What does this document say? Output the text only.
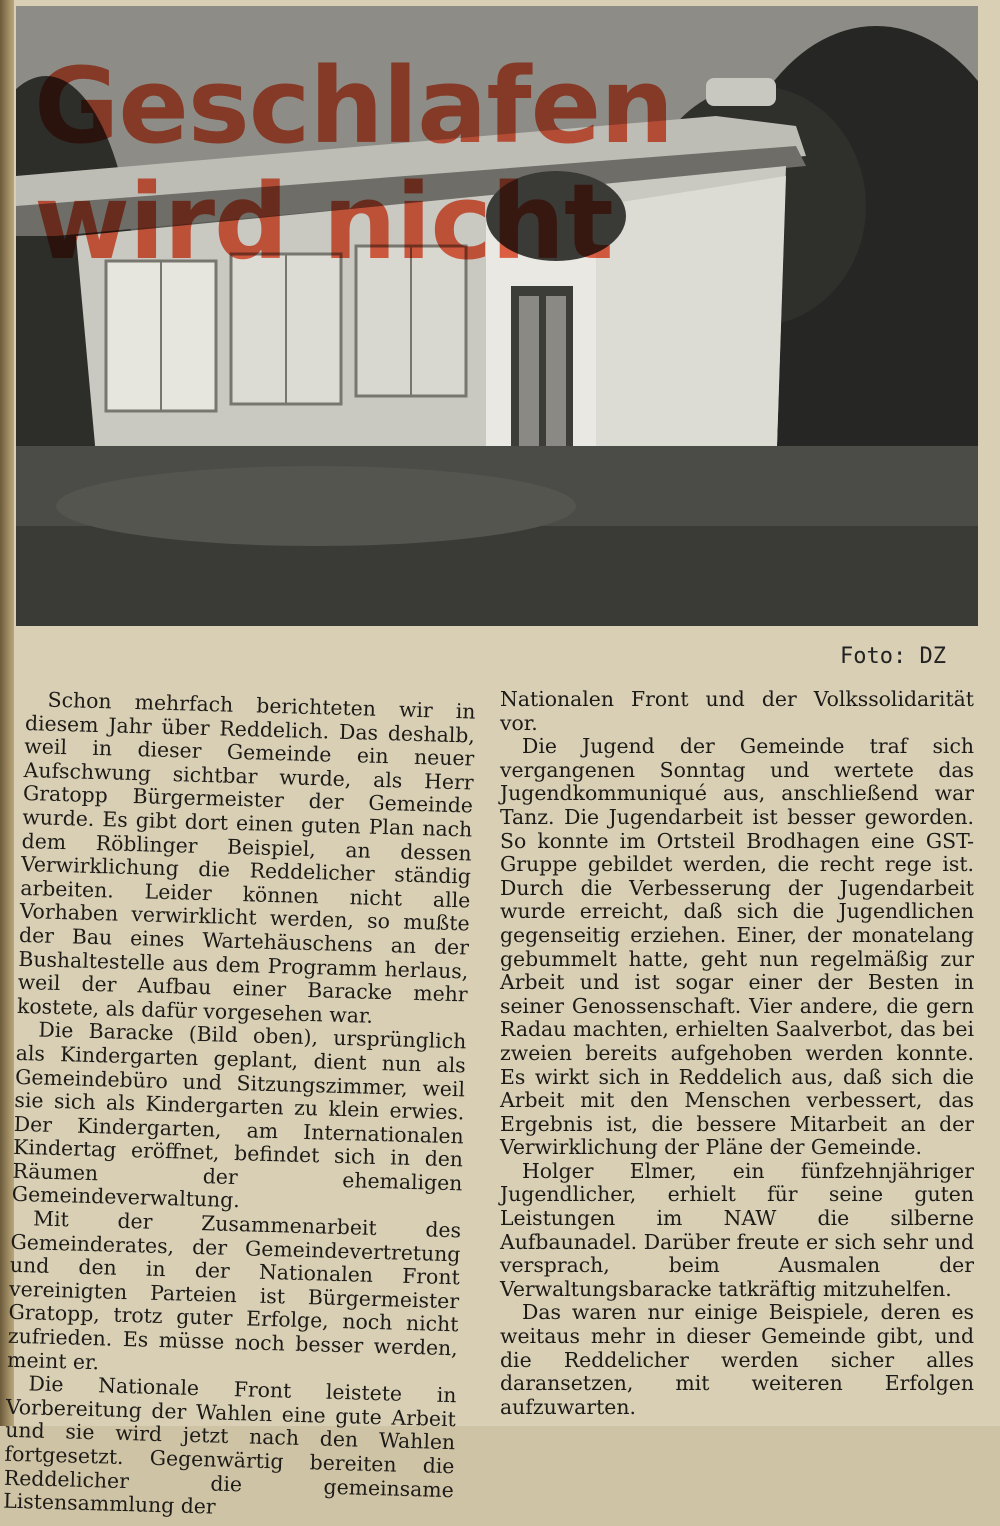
Geschlafen
wird nicht
Foto: DZ

Schon mehrfach berichteten wir in diesem Jahr über Reddelich. Das deshalb, weil in dieser Gemeinde ein neuer Aufschwung sichtbar wurde, als Herr Gratopp Bürgermeister der Gemeinde wurde. Es gibt dort einen guten Plan nach dem Röblinger Beispiel, an dessen Verwirklichung die Reddelicher ständig arbeiten. Leider können nicht alle Vorhaben verwirklicht werden, so mußte der Bau eines Wartehäuschens an der Bushaltestelle aus dem Programm herlaus, weil der Aufbau einer Baracke mehr kostete, als dafür vorgesehen war.

Die Baracke (Bild oben), ursprünglich als Kindergarten geplant, dient nun als Gemeindebüro und Sitzungszimmer, weil sie sich als Kindergarten zu klein erwies. Der Kindergarten, am Internationalen Kindertag eröffnet, befindet sich in den Räumen der ehemaligen Gemeindeverwaltung.

Mit der Zusammenarbeit des Gemeinderates, der Gemeindevertretung und den in der Nationalen Front vereinigten Parteien ist Bürgermeister Gratopp, trotz guter Erfolge, noch nicht zufrieden. Es müsse noch besser werden, meint er.

Die Nationale Front leistete in Vorbereitung der Wahlen eine gute Arbeit und sie wird jetzt nach den Wahlen fortgesetzt. Gegenwärtig bereiten die Reddelicher die gemeinsame Listensammlung der

Nationalen Front und der Volkssolidarität vor.

Die Jugend der Gemeinde traf sich vergangenen Sonntag und wertete das Jugendkommuniqué aus, anschließend war Tanz. Die Jugendarbeit ist besser geworden. So konnte im Ortsteil Brodhagen eine GST-Gruppe gebildet werden, die recht rege ist. Durch die Verbesserung der Jugendarbeit wurde erreicht, daß sich die Jugendlichen gegenseitig erziehen. Einer, der monatelang gebummelt hatte, geht nun regelmäßig zur Arbeit und ist sogar einer der Besten in seiner Genossenschaft. Vier andere, die gern Radau machten, erhielten Saalverbot, das bei zweien bereits aufgehoben werden konnte. Es wirkt sich in Reddelich aus, daß sich die Arbeit mit den Menschen verbessert, das Ergebnis ist, die bessere Mitarbeit an der Verwirklichung der Pläne der Gemeinde.

Holger Elmer, ein fünfzehnjähriger Jugendlicher, erhielt für seine guten Leistungen im NAW die silberne Aufbaunadel. Darüber freute er sich sehr und versprach, beim Ausmalen der Verwaltungsbaracke tatkräftig mitzuhelfen.

Das waren nur einige Beispiele, deren es weitaus mehr in dieser Gemeinde gibt, und die Reddelicher werden sicher alles daransetzen, mit weiteren Erfolgen aufzuwarten.
